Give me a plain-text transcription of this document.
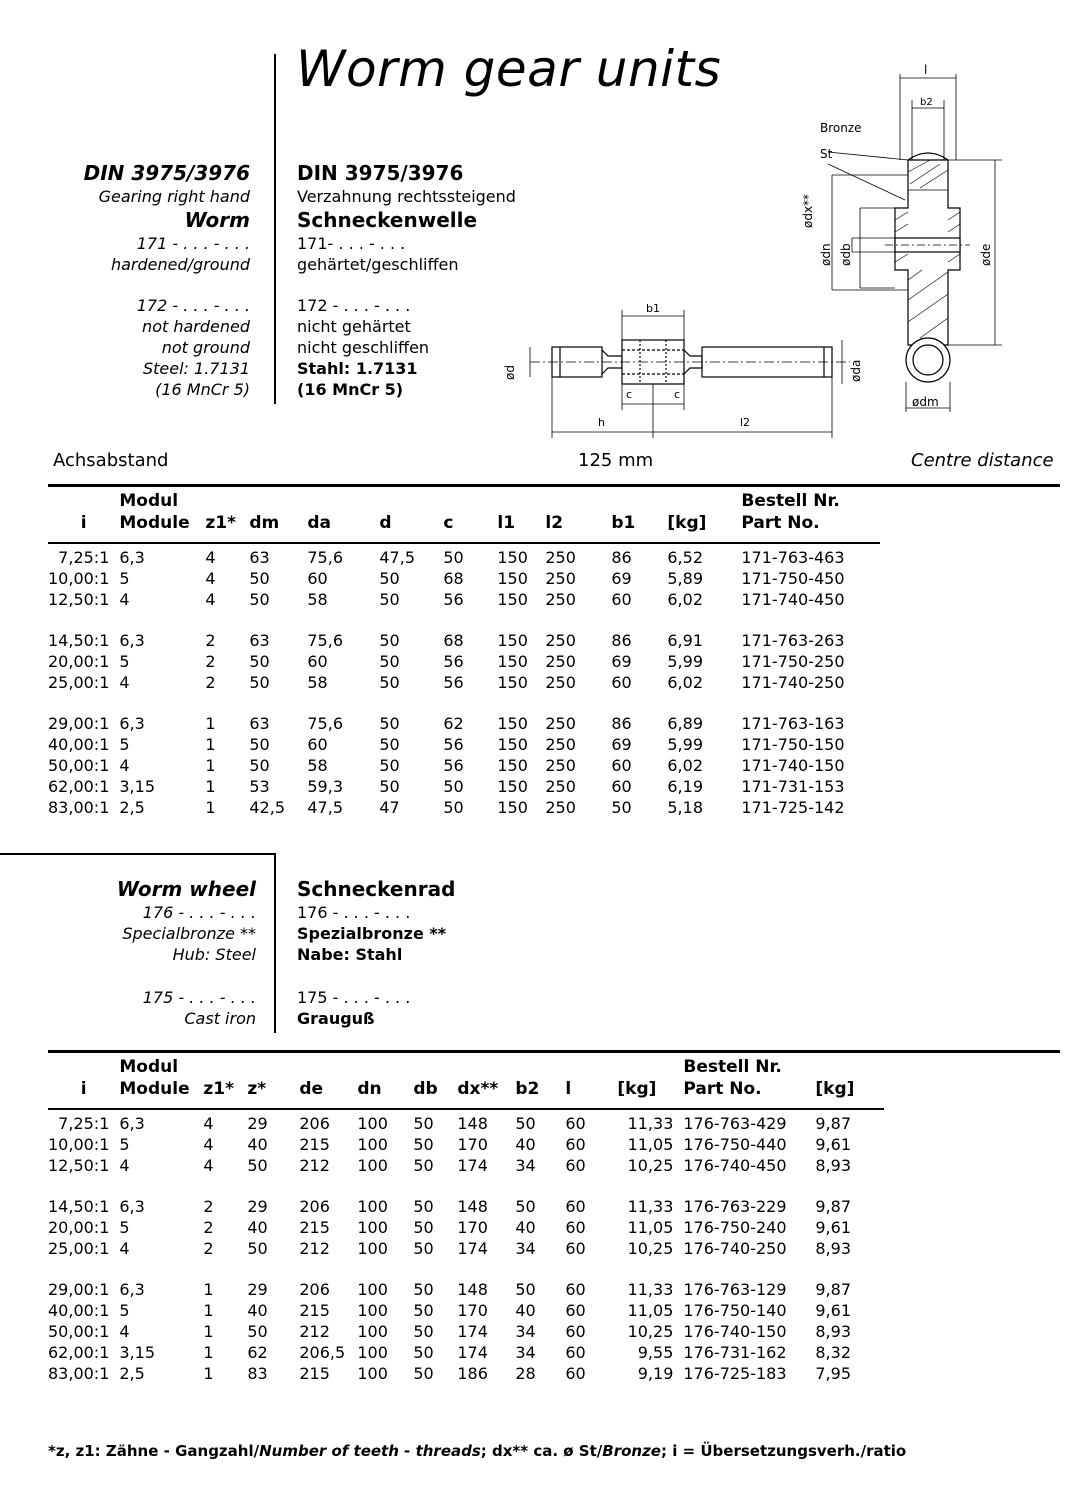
Worm gear units
DIN 3975/3976
Gearing right hand
Worm
171 - . . . - . . .
hardened/ground
172 - . . . - . . .
not hardened
not ground
Steel: 1.7131
(16 MnCr 5)
DIN 3975/3976
Verzahnung rechtssteigend
Schneckenwelle
171- . . . - . . .
gehärtet/geschliffen
172 - . . . - . . .
nicht gehärtet
nicht geschliffen
Stahl: 1.7131
(16 MnCr 5)
l
b2
Bronze
St
ødx**
ødn ødb	øde
ødm
b1
ød	øda
c	c
h	l2
Achsabstand	125 mm	Centre distance
	Modul										Bestell Nr.
i	Module	z1*	dm	da	d	c	l1	l2	b1	[kg]	Part No.

7,25:1	6,3	4	63	75,6	47,5	50	150	250	86	6,52	171-763-463
10,00:1	5	4	50	60	50	68	150	250	69	5,89	171-750-450
12,50:1	4	4	50	58	50	56	150	250	60	6,02	171-740-450

14,50:1	6,3	2	63	75,6	50	68	150	250	86	6,91	171-763-263
20,00:1	5	2	50	60	50	56	150	250	69	5,99	171-750-250
25,00:1	4	2	50	58	50	56	150	250	60	6,02	171-740-250

29,00:1	6,3	1	63	75,6	50	62	150	250	86	6,89	171-763-163
40,00:1	5	1	50	60	50	56	150	250	69	5,99	171-750-150
50,00:1	4	1	50	58	50	56	150	250	60	6,02	171-740-150
62,00:1	3,15	1	53	59,3	50	50	150	250	60	6,19	171-731-153
83,00:1	2,5	1	42,5	47,5	47	50	150	250	50	5,18	171-725-142
Worm wheel
176 - . . . - . . .
Specialbronze **
Hub: Steel
175 - . . . - . . .
Cast iron
Schneckenrad
176 - . . . - . . .
Spezialbronze **
Nabe: Stahl
175 - . . . - . . .
Grauguß
	Modul										Bestell Nr.	
i	Module	z1*	z*	de	dn	db	dx**	b2	l	[kg]	Part No.	[kg]

7,25:1	6,3	4	29	206	100	50	148	50	60	11,33	176-763-429	9,87
10,00:1	5	4	40	215	100	50	170	40	60	11,05	176-750-440	9,61
12,50:1	4	4	50	212	100	50	174	34	60	10,25	176-740-450	8,93

14,50:1	6,3	2	29	206	100	50	148	50	60	11,33	176-763-229	9,87
20,00:1	5	2	40	215	100	50	170	40	60	11,05	176-750-240	9,61
25,00:1	4	2	50	212	100	50	174	34	60	10,25	176-740-250	8,93

29,00:1	6,3	1	29	206	100	50	148	50	60	11,33	176-763-129	9,87
40,00:1	5	1	40	215	100	50	170	40	60	11,05	176-750-140	9,61
50,00:1	4	1	50	212	100	50	174	34	60	10,25	176-740-150	8,93
62,00:1	3,15	1	62	206,5	100	50	174	34	60	9,55	176-731-162	8,32
83,00:1	2,5	1	83	215	100	50	186	28	60	9,19	176-725-183	7,95
*z, z1: Zähne - Gangzahl/Number of teeth - threads; dx** ca. ø St/Bronze; i = Übersetzungsverh./ratio
